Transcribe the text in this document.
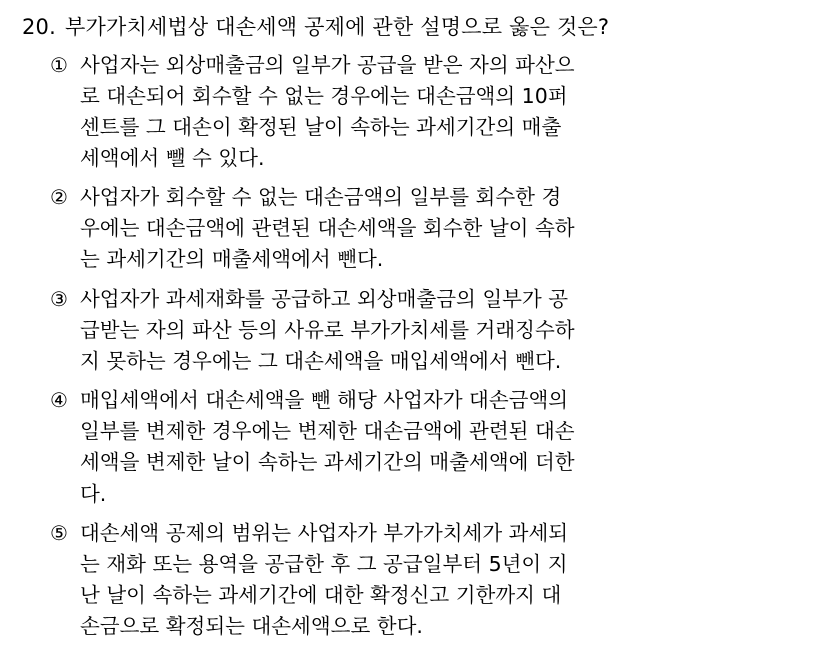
20. 부가가치세법상 대손세액 공제에 관한 설명으로 옳은 것은?
① 사업자는 외상매출금의 일부가 공급을 받은 자의 파산으
로 대손되어 회수할 수 없는 경우에는 대손금액의 10퍼
센트를 그 대손이 확정된 날이 속하는 과세기간의 매출
세액에서 뺄 수 있다.
② 사업자가 회수할 수 없는 대손금액의 일부를 회수한 경
우에는 대손금액에 관련된 대손세액을 회수한 날이 속하
는 과세기간의 매출세액에서 뺀다.
③ 사업자가 과세재화를 공급하고 외상매출금의 일부가 공
급받는 자의 파산 등의 사유로 부가가치세를 거래징수하
지 못하는 경우에는 그 대손세액을 매입세액에서 뺀다.
④ 매입세액에서 대손세액을 뺀 해당 사업자가 대손금액의
일부를 변제한 경우에는 변제한 대손금액에 관련된 대손
세액을 변제한 날이 속하는 과세기간의 매출세액에 더한
다.
⑤ 대손세액 공제의 범위는 사업자가 부가가치세가 과세되
는 재화 또는 용역을 공급한 후 그 공급일부터 5년이 지
난 날이 속하는 과세기간에 대한 확정신고 기한까지 대
손금으로 확정되는 대손세액으로 한다.
